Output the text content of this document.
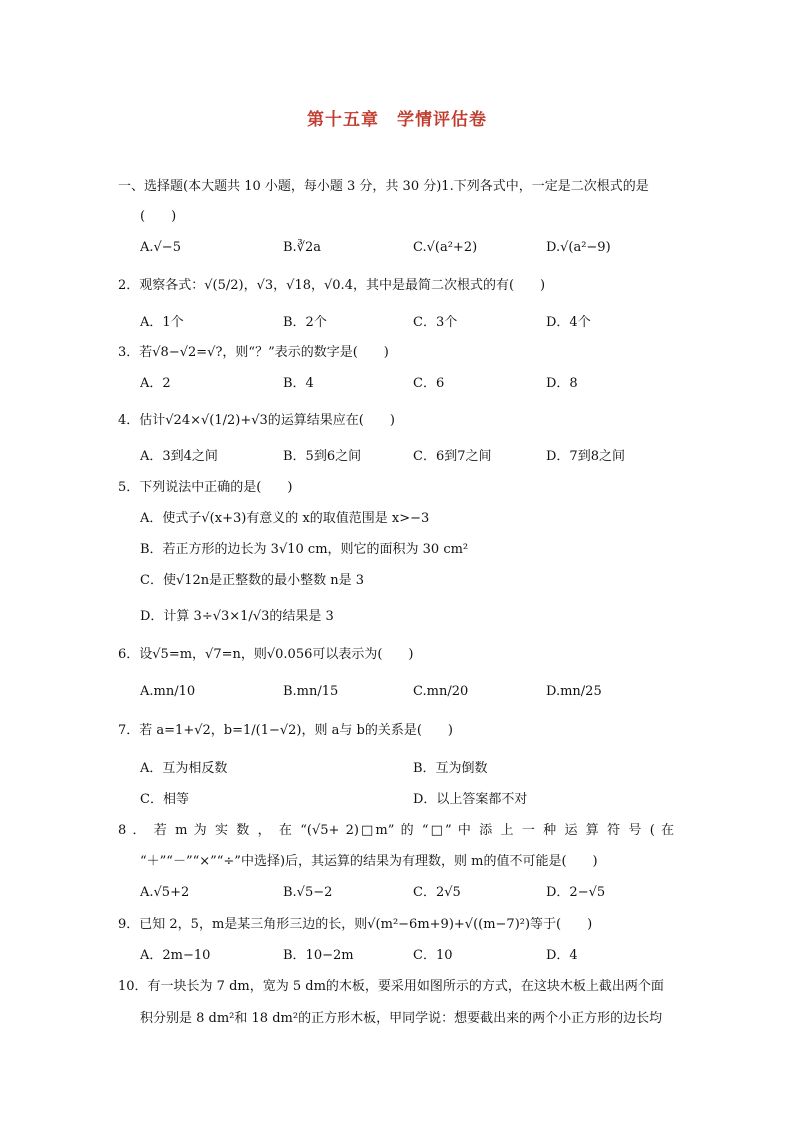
第十五章　学情评估卷
一、选择题(本大题共 10 小题，每小题 3 分，共 30 分)1.下列各式中，一定是二次根式的是
(　　)
A.√−5	B.∛2a	C.√(a²+2)	D.√(a²−9)
2．观察各式：√(5/2)，√3，√18，√0.4，其中是最简二次根式的有(　　)
A．1个	B．2个	C．3个	D．4个
3．若√8−√2=√?，则“？”表示的数字是(　　)
A．2	B．4	C．6	D．8
4．估计√24×√(1/2)+√3的运算结果应在(　　)
A．3到4之间	B．5到6之间	C．6到7之间	D．7到8之间
5．下列说法中正确的是(　　)
A．使式子√(x+3)有意义的 x的取值范围是 x>−3
B．若正方形的边长为 3√10 cm，则它的面积为 30 cm²
C．使√12n是正整数的最小整数 n是 3
D．计算 3÷√3×1/√3的结果是 3
6．设√5=m，√7=n，则√0.056可以表示为(　　)
A.mn/10	B.mn/15	C.mn/20	D.mn/25
7．若 a=1+√2，b=1/(1−√2)，则 a与 b的关系是(　　)
A．互为相反数	B．互为倒数
C．相等	D．以上答案都不对
8 ． 若 m 为 实 数 ， 在 “(√5+ 2)□m” 的 “□” 中 添 上 一 种 运 算 符 号 ( 在
“＋”“－”“×”“÷”中选择)后，其运算的结果为有理数，则 m的值不可能是(　　)
A.√5+2	B.√5−2	C．2√5	D．2−√5
9．已知 2，5，m是某三角形三边的长，则√(m²−6m+9)+√((m−7)²)等于(　　)
A．2m−10	B．10−2m	C．10	D．4
10．有一块长为 7 dm，宽为 5 dm的木板，要采用如图所示的方式，在这块木板上截出两个面
积分别是 8 dm²和 18 dm²的正方形木板，甲同学说：想要截出来的两个小正方形的边长均
